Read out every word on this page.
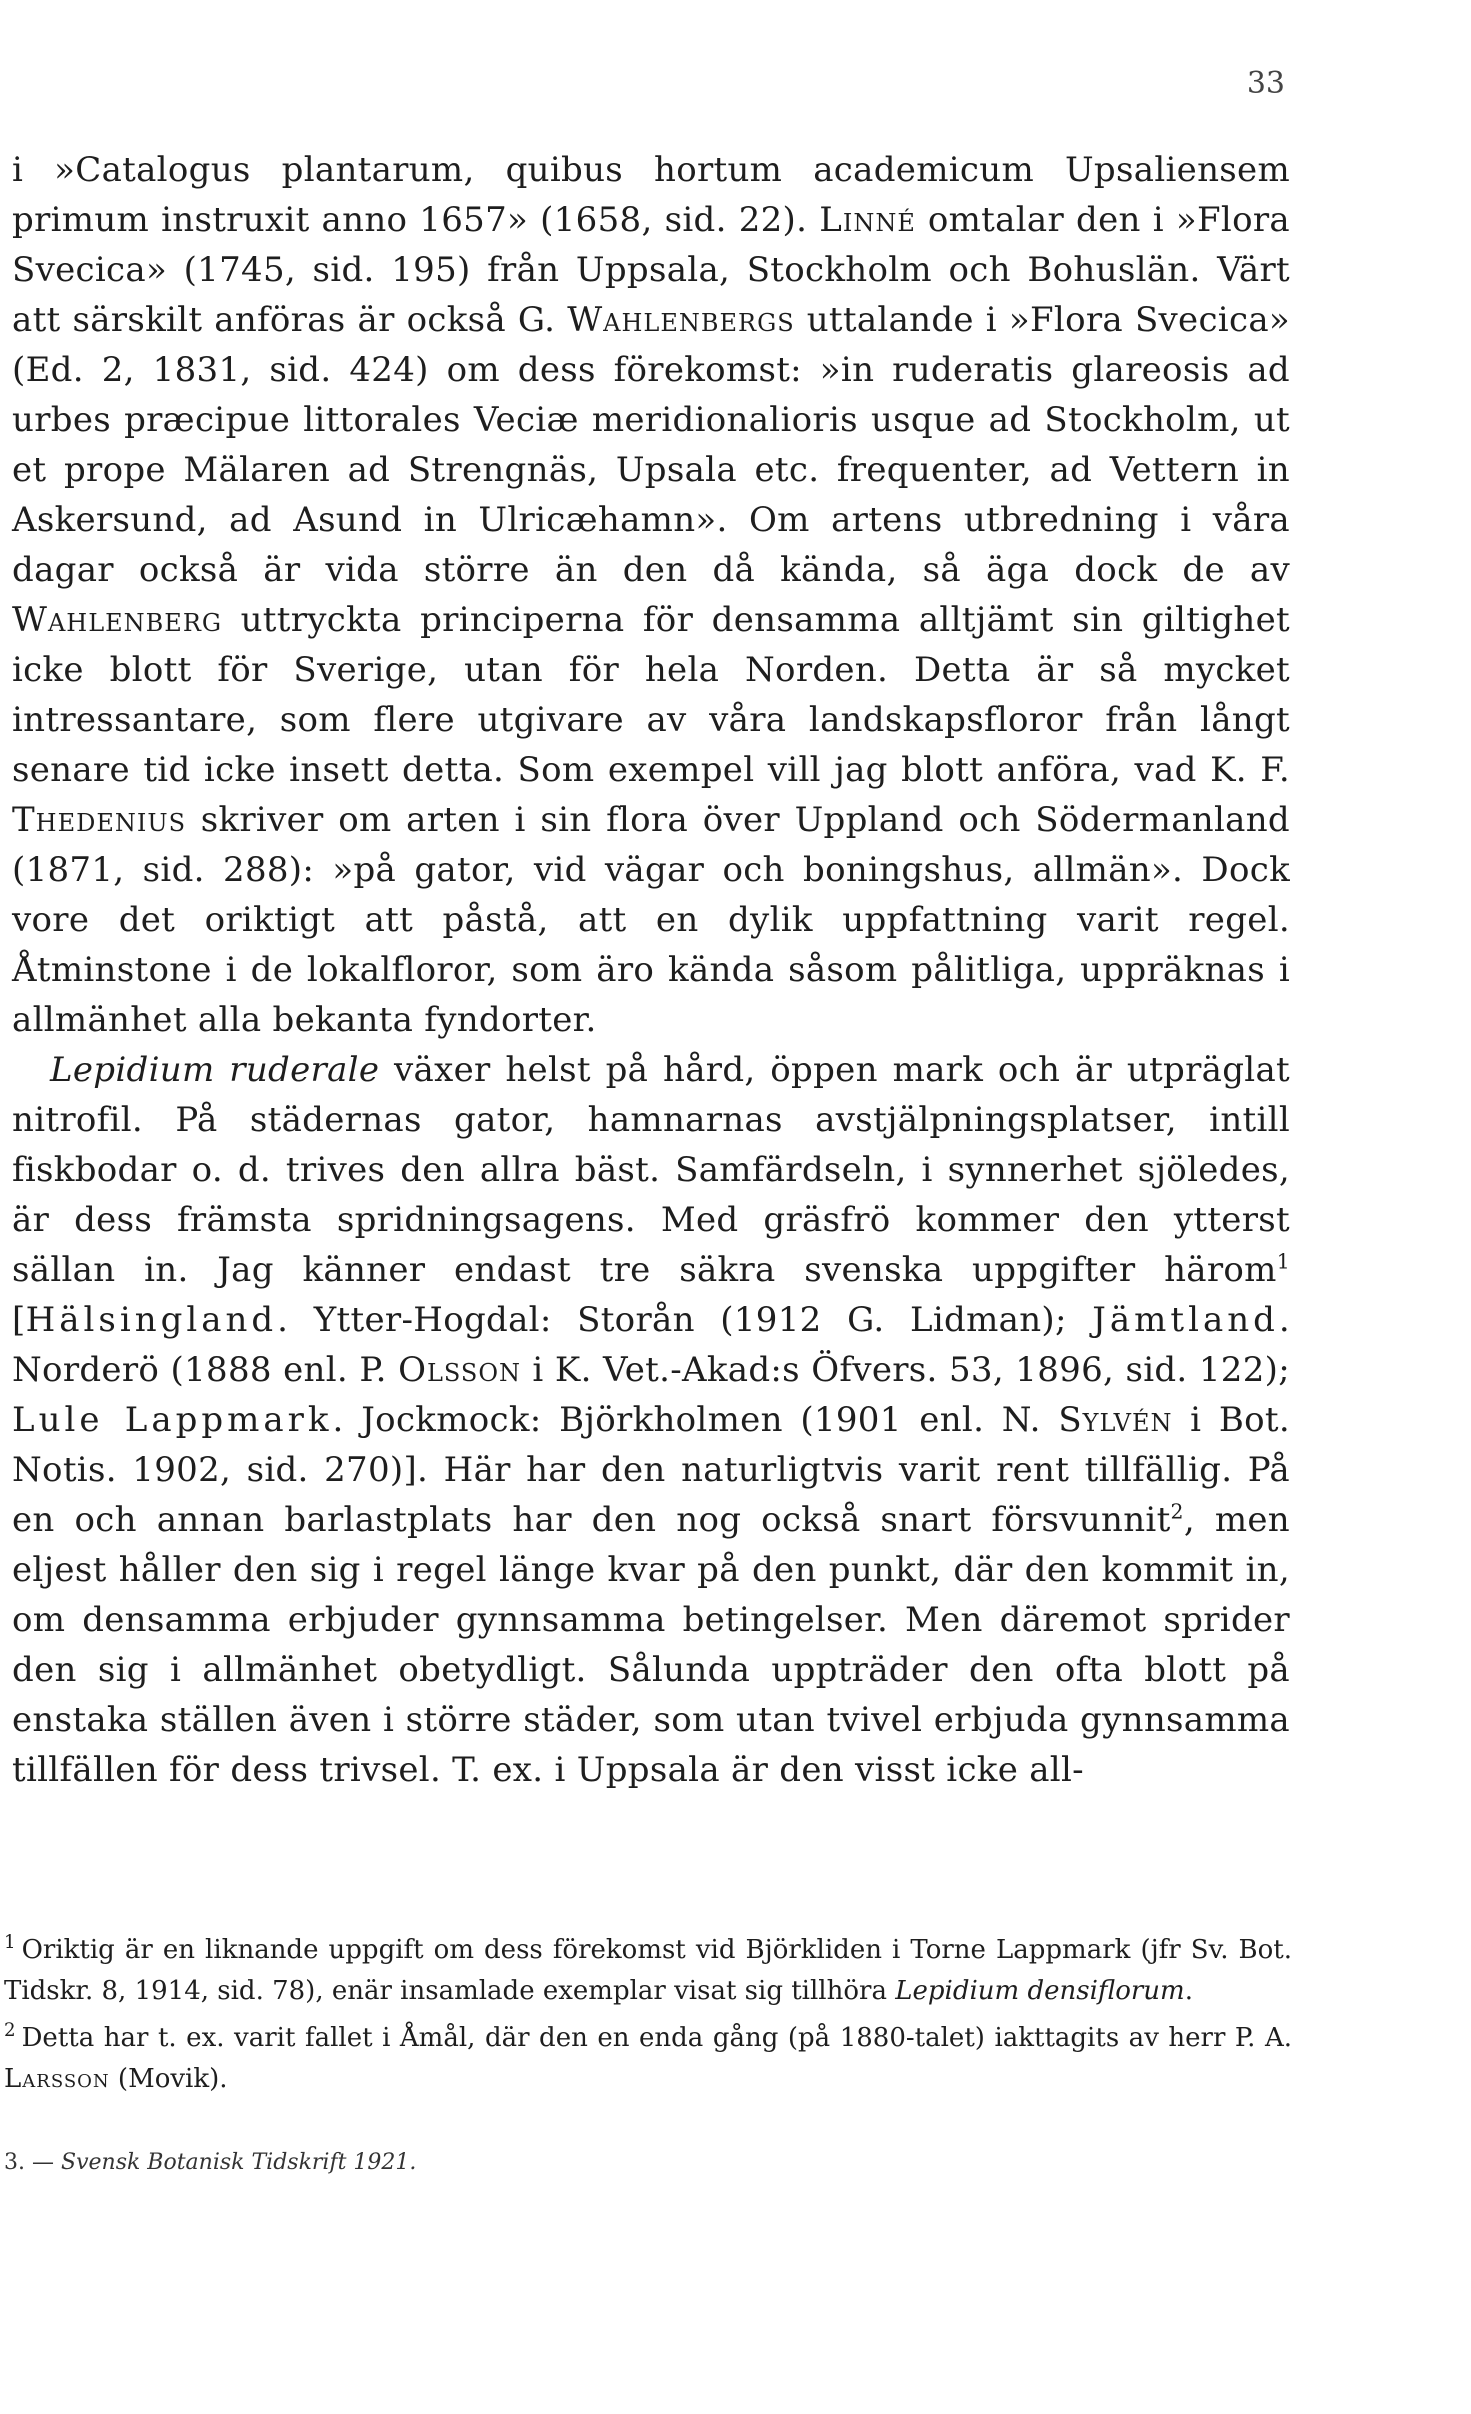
33

i »Catalogus plantarum, quibus hortum academicum Upsaliensem primum instruxit anno 1657» (1658, sid. 22). Linné omtalar den i »Flora Svecica» (1745, sid. 195) från Uppsala, Stockholm och Bohuslän. Värt att särskilt anföras är också G. Wahlenbergs uttalande i »Flora Svecica» (Ed. 2, 1831, sid. 424) om dess förekomst: »in ruderatis glareosis ad urbes præcipue littorales Veciæ meridionalioris usque ad Stockholm, ut et prope Mälaren ad Strengnäs, Upsala etc. frequenter, ad Vettern in Askersund, ad Asund in Ulricæhamn». Om artens utbredning i våra dagar också är vida större än den då kända, så äga dock de av Wahlenberg uttryckta principerna för densamma alltjämt sin giltighet icke blott för Sverige, utan för hela Norden. Detta är så mycket intressantare, som flere utgivare av våra landskapsfloror från långt senare tid icke insett detta. Som exempel vill jag blott anföra, vad K. F. Thedenius skriver om arten i sin flora över Uppland och Södermanland (1871, sid. 288): »på gator, vid vägar och boningshus, allmän». Dock vore det oriktigt att påstå, att en dylik uppfattning varit regel. Åtminstone i de lokalfloror, som äro kända såsom pålitliga, uppräknas i allmänhet alla bekanta fyndorter.

Lepidium ruderale växer helst på hård, öppen mark och är utpräglat nitrofil. På städernas gator, hamnarnas avstjälpningsplatser, intill fiskbodar o. d. trives den allra bäst. Samfärdseln, i synnerhet sjöledes, är dess främsta spridningsagens. Med gräsfrö kommer den ytterst sällan in. Jag känner endast tre säkra svenska uppgifter härom$^1$ [Hälsingland. Ytter-Hogdal: Storån (1912 G. Lidman); Jämtland. Norderö (1888 enl. P. Olsson i K. Vet.-Akad:s Öfvers. 53, 1896, sid. 122); Lule Lappmark. Jockmock: Björkholmen (1901 enl. N. Sylvén i Bot. Notis. 1902, sid. 270)]. Här har den naturligtvis varit rent tillfällig. På en och annan barlastplats har den nog också snart försvunnit$^2$, men eljest håller den sig i regel länge kvar på den punkt, där den kommit in, om densamma erbjuder gynnsamma betingelser. Men däremot sprider den sig i allmänhet obetydligt. Sålunda uppträder den ofta blott på enstaka ställen även i större städer, som utan tvivel erbjuda gynnsamma tillfällen för dess trivsel. T. ex. i Uppsala är den visst icke all-

$^1$ Oriktig är en liknande uppgift om dess förekomst vid Björkliden i Torne Lappmark (jfr Sv. Bot. Tidskr. 8, 1914, sid. 78), enär insamlade exemplar visat sig tillhöra Lepidium densiflorum.

$^2$ Detta har t. ex. varit fallet i Åmål, där den en enda gång (på 1880-talet) iakttagits av herr P. A. Larsson (Movik).

3. — Svensk Botanisk Tidskrift 1921.
